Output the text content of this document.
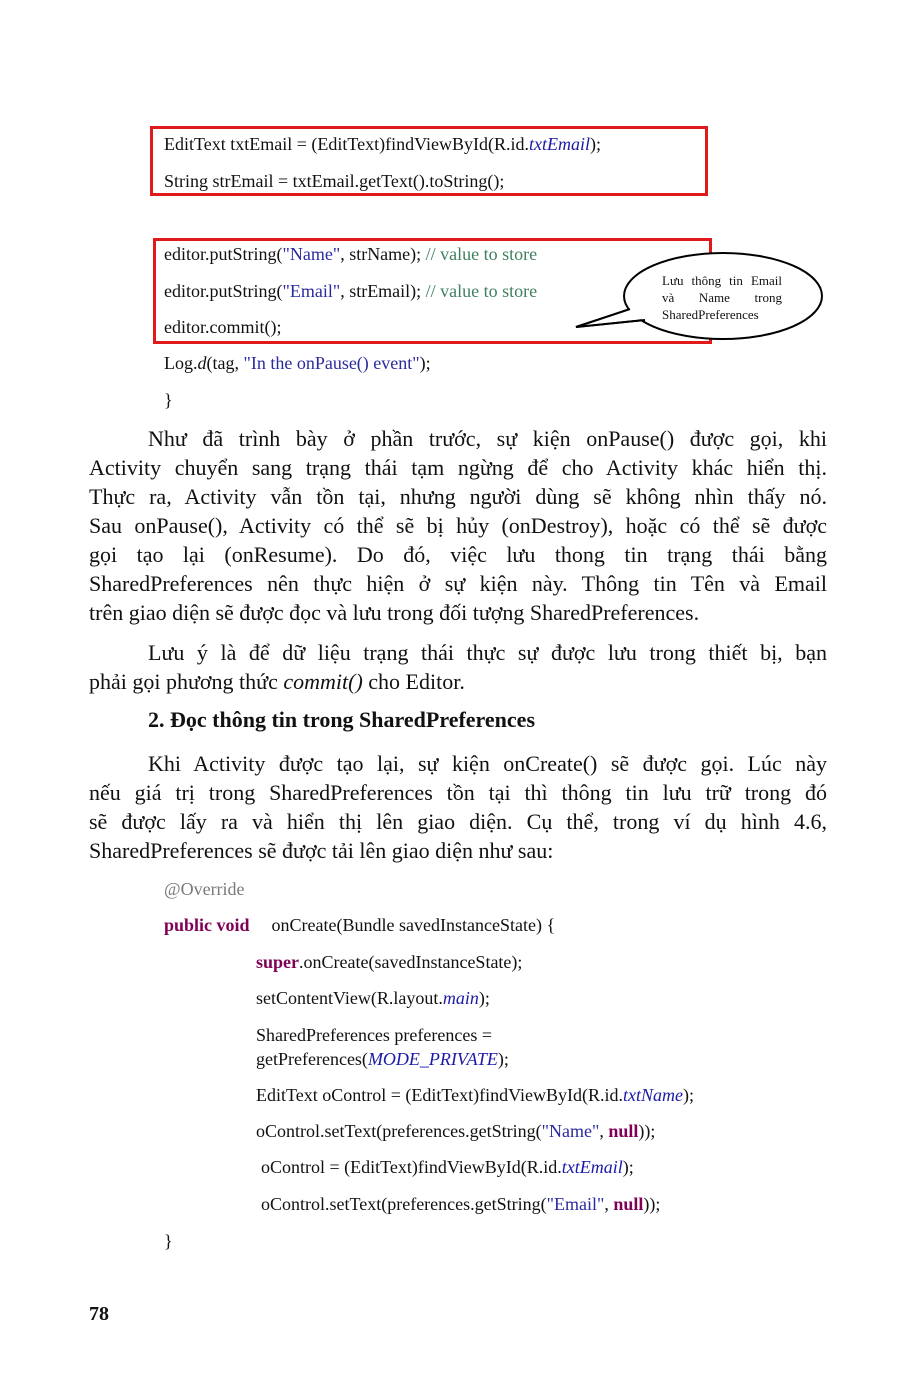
EditText txtEmail = (EditText)findViewById(R.id.txtEmail);
String strEmail = txtEmail.getText().toString();
editor.putString("Name", strName); // value to store
editor.putString("Email", strEmail); // value to store
editor.commit();
Log.d(tag, "In the onPause() event");
}
Lưu thông tin Email
và Name trong
SharedPreferences
Như đã trình bày ở phần trước, sự kiện onPause() được gọi, khi
Activity chuyển sang trạng thái tạm ngừng để cho Activity khác hiển thị.
Thực ra, Activity vẫn tồn tại, nhưng người dùng sẽ không nhìn thấy nó.
Sau onPause(), Activity có thể sẽ bị hủy (onDestroy), hoặc có thể sẽ được
gọi tạo lại (onResume). Do đó, việc lưu thong tin trạng thái bằng
SharedPreferences nên thực hiện ở sự kiện này. Thông tin Tên và Email
trên giao diện sẽ được đọc và lưu trong đối tượng SharedPreferences.
Lưu ý là để dữ liệu trạng thái thực sự được lưu trong thiết bị, bạn
phải gọi phương thức commit() cho Editor.
2. Đọc thông tin trong SharedPreferences
Khi Activity được tạo lại, sự kiện onCreate() sẽ được gọi. Lúc này
nếu giá trị trong SharedPreferences tồn tại thì thông tin lưu trữ trong đó
sẽ được lấy ra và hiển thị lên giao diện. Cụ thể, trong ví dụ hình 4.6,
SharedPreferences sẽ được tải lên giao diện như sau:
@Override
public void onCreate(Bundle savedInstanceState) {
super.onCreate(savedInstanceState);
setContentView(R.layout.main);
SharedPreferences preferences =
getPreferences(MODE_PRIVATE);
EditText oControl = (EditText)findViewById(R.id.txtName);
oControl.setText(preferences.getString("Name", null));
oControl = (EditText)findViewById(R.id.txtEmail);
oControl.setText(preferences.getString("Email", null));
}
78
